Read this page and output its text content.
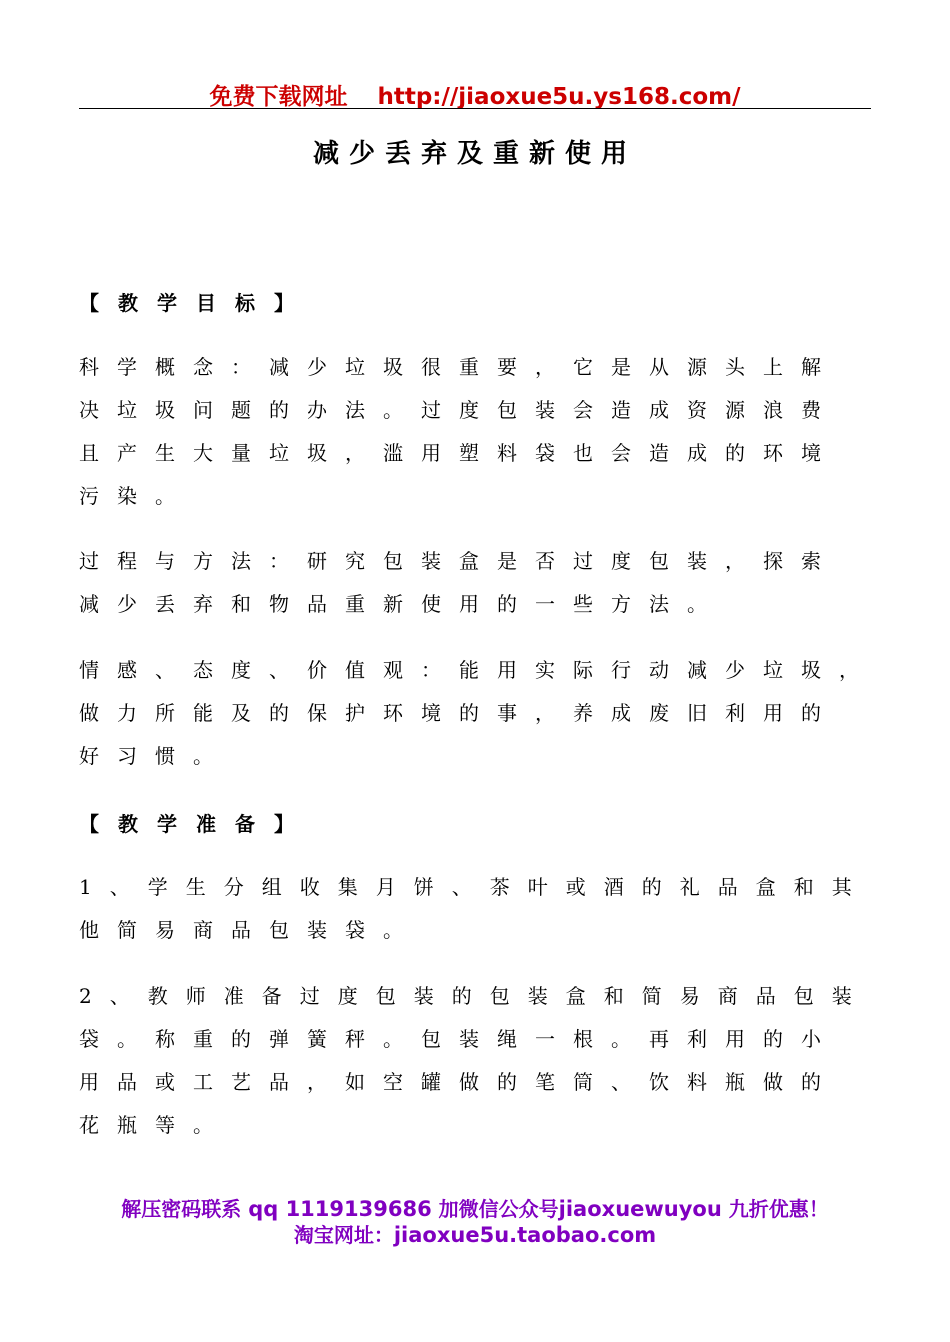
免费下载网址 http://jiaoxue5u.ys168.com/
减少丢弃及重新使用
【教学目标】
科学概念：减少垃圾很重要，它是从源头上解
决垃圾问题的办法。过度包装会造成资源浪费
且产生大量垃圾，滥用塑料袋也会造成的环境
污染。
过程与方法：研究包装盒是否过度包装，探索
减少丢弃和物品重新使用的一些方法。
情感、态度、价值观：能用实际行动减少垃圾，
做力所能及的保护环境的事，养成废旧利用的
好习惯。
【教学准备】
1、学生分组收集月饼、茶叶或酒的礼品盒和其
他简易商品包装袋。
2、教师准备过度包装的包装盒和简易商品包装
袋。称重的弹簧秤。包装绳一根。再利用的小
用品或工艺品，如空罐做的笔筒、饮料瓶做的
花瓶等。
解压密码联系 qq 1119139686 加微信公众号jiaoxuewuyou 九折优惠！
淘宝网址：jiaoxue5u.taobao.com
